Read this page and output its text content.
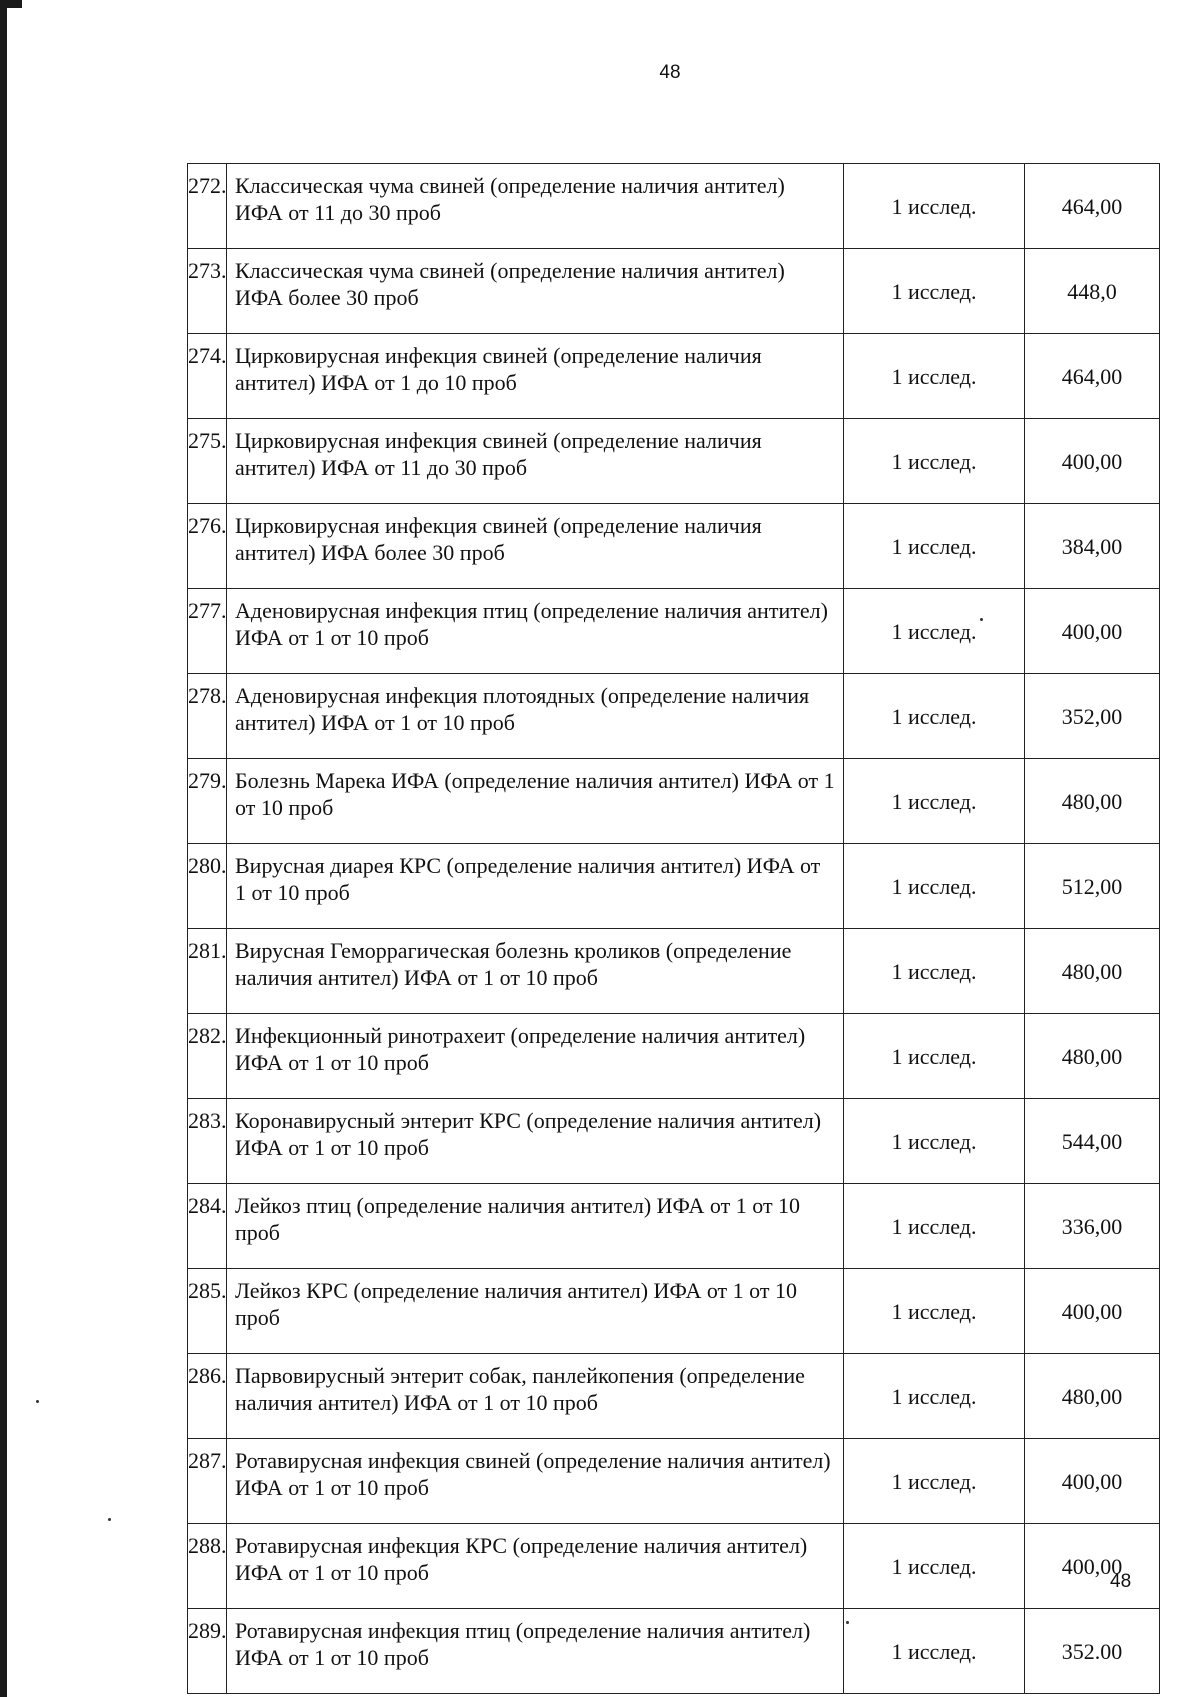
48
272.	Классическая чума свиней (определение наличия антител) ИФА от 11 до 30 проб	1 исслед.	464,00
273.	Классическая чума свиней (определение наличия антител) ИФА более 30 проб	1 исслед.	448,0
274.	Цирковирусная инфекция свиней (определение наличия антител) ИФА от 1 до 10 проб	1 исслед.	464,00
275.	Цирковирусная инфекция свиней (определение наличия антител) ИФА от 11 до 30 проб	1 исслед.	400,00
276.	Цирковирусная инфекция свиней (определение наличия антител) ИФА более 30 проб	1 исслед.	384,00
277.	Аденовирусная инфекция птиц (определение наличия антител) ИФА от 1 от 10 проб	1 исслед.	400,00
278.	Аденовирусная инфекция плотоядных (определение наличия антител) ИФА от 1 от 10 проб	1 исслед.	352,00
279.	Болезнь Марека ИФА (определение наличия антител) ИФА от 1 от 10 проб	1 исслед.	480,00
280.	Вирусная диарея КРС (определение наличия антител) ИФА от 1 от 10 проб	1 исслед.	512,00
281.	Вирусная Геморрагическая болезнь кроликов (определение наличия антител) ИФА от 1 от 10 проб	1 исслед.	480,00
282.	Инфекционный ринотрахеит (определение наличия антител) ИФА от 1 от 10 проб	1 исслед.	480,00
283.	Коронавирусный энтерит КРС (определение наличия антител) ИФА от 1 от 10 проб	1 исслед.	544,00
284.	Лейкоз птиц (определение наличия антител) ИФА от 1 от 10 проб	1 исслед.	336,00
285.	Лейкоз КРС (определение наличия антител) ИФА от 1 от 10 проб	1 исслед.	400,00
286.	Парвовирусный энтерит собак, панлейкопения (определение наличия антител) ИФА от 1 от 10 проб	1 исслед.	480,00
287.	Ротавирусная инфекция свиней (определение наличия антител) ИФА от 1 от 10 проб	1 исслед.	400,00
288.	Ротавирусная инфекция КРС (определение наличия антител) ИФА от 1 от 10 проб	1 исслед.	400,00
289.	Ротавирусная инфекция птиц (определение наличия антител) ИФА от 1 от 10 проб	1 исслед.	352.00
48
